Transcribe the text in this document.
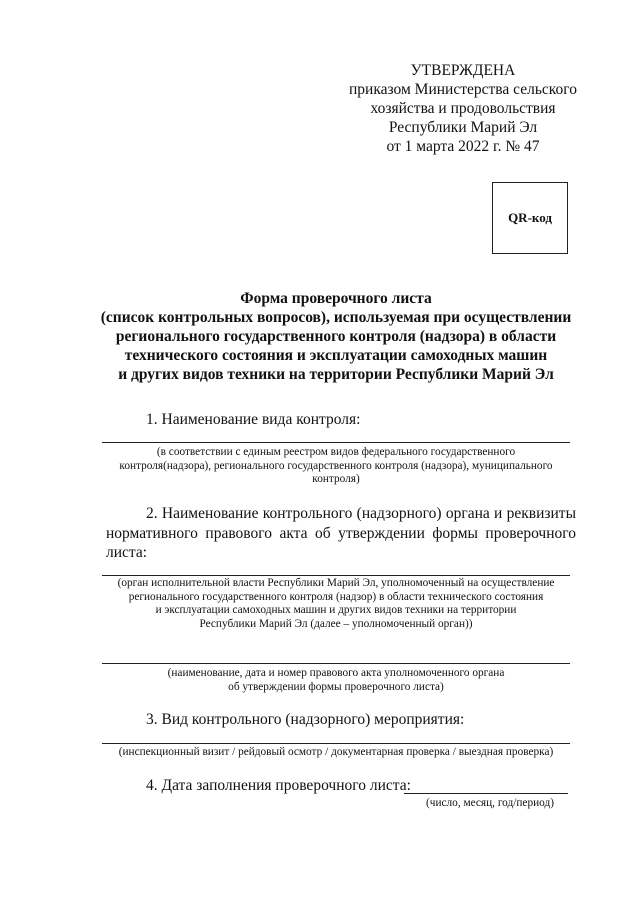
УТВЕРЖДЕНА
приказом Министерства сельского
хозяйства и продовольствия
Республики Марий Эл
от 1 марта 2022 г. № 47
QR-код
Форма проверочного листа
(список контрольных вопросов), используемая при осуществлении
регионального государственного контроля (надзора) в области
технического состояния и эксплуатации самоходных машин
и других видов техники на территории Республики Марий Эл
1. Наименование вида контроля:
(в соответствии с единым реестром видов федерального государственного
контроля(надзора), регионального государственного контроля (надзора), муниципального
контроля)
2. Наименование контрольного (надзорного) органа и реквизиты нормативного правового акта об утверждении формы проверочного листа:
(орган исполнительной власти Республики Марий Эл, уполномоченный на осуществление
регионального государственного контроля (надзор) в области технического состояния
и эксплуатации самоходных машин и других видов техники на территории
Республики Марий Эл (далее – уполномоченный орган))
(наименование, дата и номер правового акта уполномоченного органа
об утверждении формы проверочного листа)
3. Вид контрольного (надзорного) мероприятия:
(инспекционный визит / рейдовый осмотр / документарная проверка / выездная проверка)
4. Дата заполнения проверочного листа:
(число, месяц, год/период)
